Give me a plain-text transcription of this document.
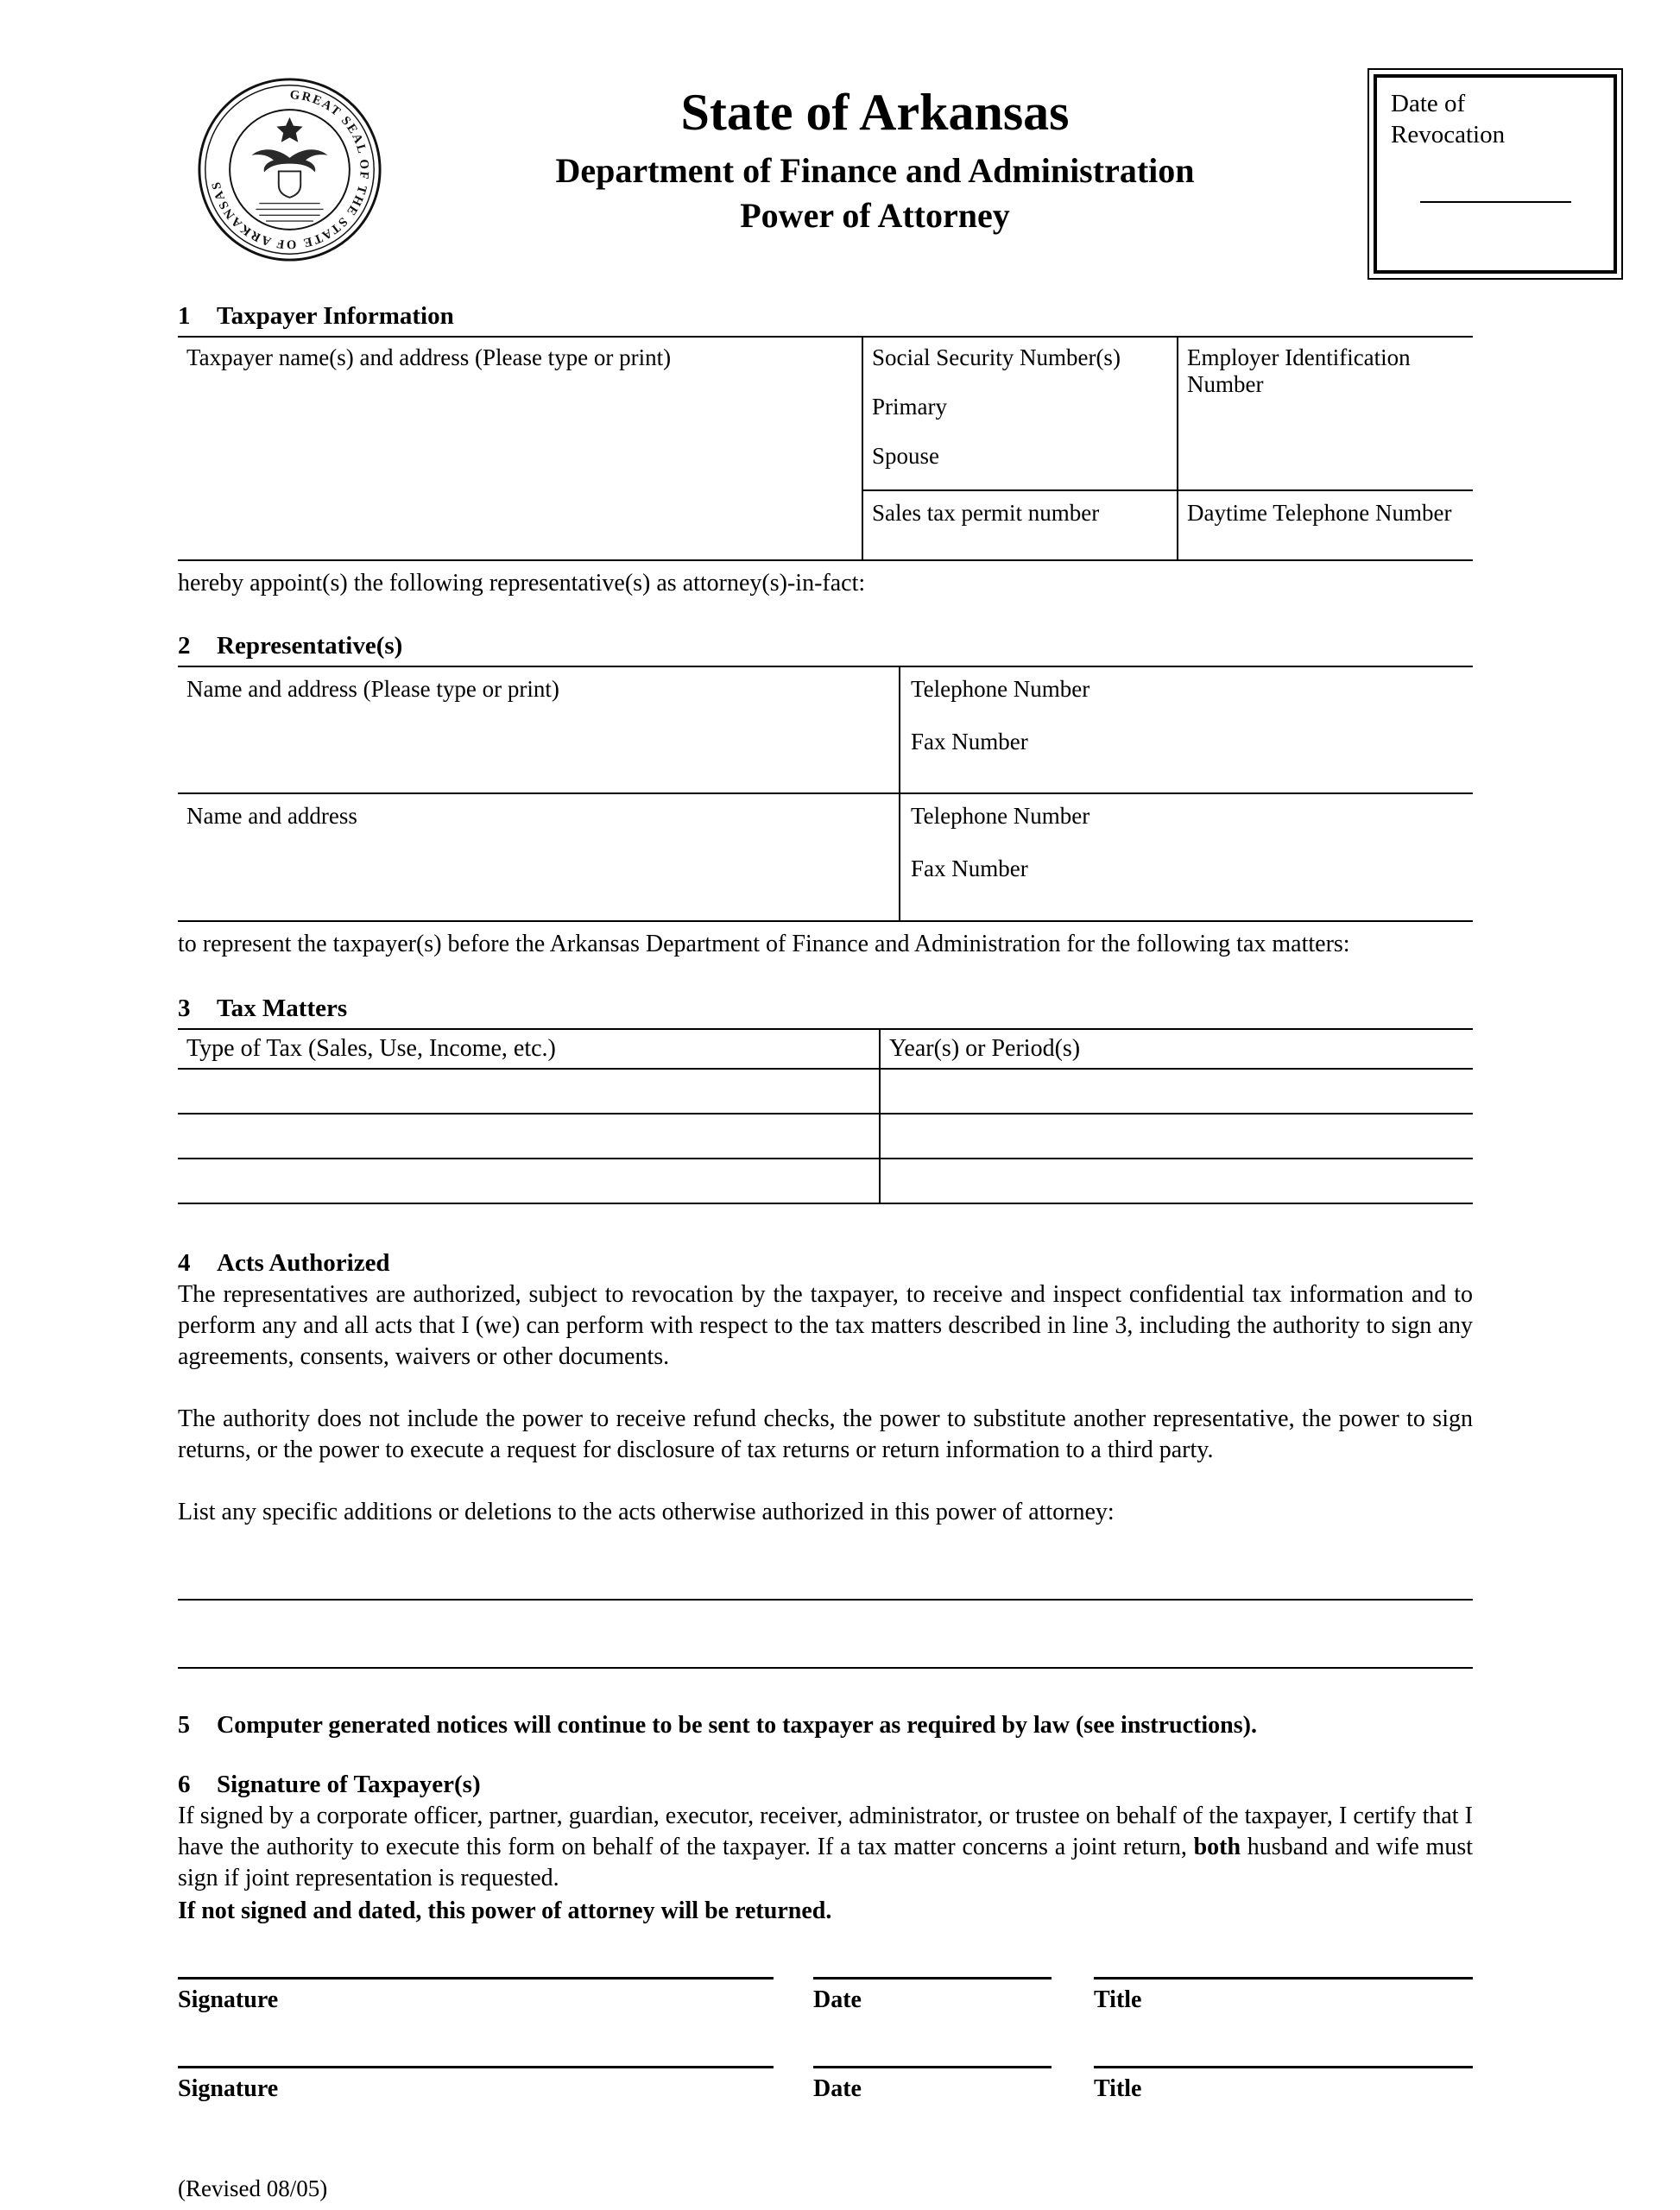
GREAT SEAL OF THE STATE OF ARKANSAS
State of Arkansas
Department of Finance and Administration
Power of Attorney
Date of Revocation
1 Taxpayer Information
Taxpayer name(s) and address (Please type or print)	Social Security Number(s)
Primary
Spouse
Employer Identification Number
Sales tax permit number	Daytime Telephone Number
hereby appoint(s) the following representative(s) as attorney(s)-in-fact:
2 Representative(s)
Name and address (Please type or print)	Telephone Number
Fax Number
Name and address	Telephone Number
Fax Number
to represent the taxpayer(s) before the Arkansas Department of Finance and Administration for the following tax matters:
3 Tax Matters
Type of Tax (Sales, Use, Income, etc.)	Year(s) or Period(s)
4 Acts Authorized

The representatives are authorized, subject to revocation by the taxpayer, to receive and inspect confidential tax information and to perform any and all acts that I (we) can perform with respect to the tax matters described in line 3, including the authority to sign any agreements, consents, waivers or other documents.

The authority does not include the power to receive refund checks, the power to substitute another representative, the power to sign returns, or the power to execute a request for disclosure of tax returns or return information to a third party.

List any specific additions or deletions to the acts otherwise authorized in this power of attorney:

5 Computer generated notices will continue to be sent to taxpayer as required by law (see instructions).
6 Signature of Taxpayer(s)
If signed by a corporate officer, partner, guardian, executor, receiver, administrator, or trustee on behalf of the taxpayer, I certify that I have the authority to execute this form on behalf of the taxpayer. If a tax matter concerns a joint return, both husband and wife must sign if joint representation is requested.
If not signed and dated, this power of attorney will be returned.
Signature	Date	Title
Signature	Date	Title
(Revised 08/05)
